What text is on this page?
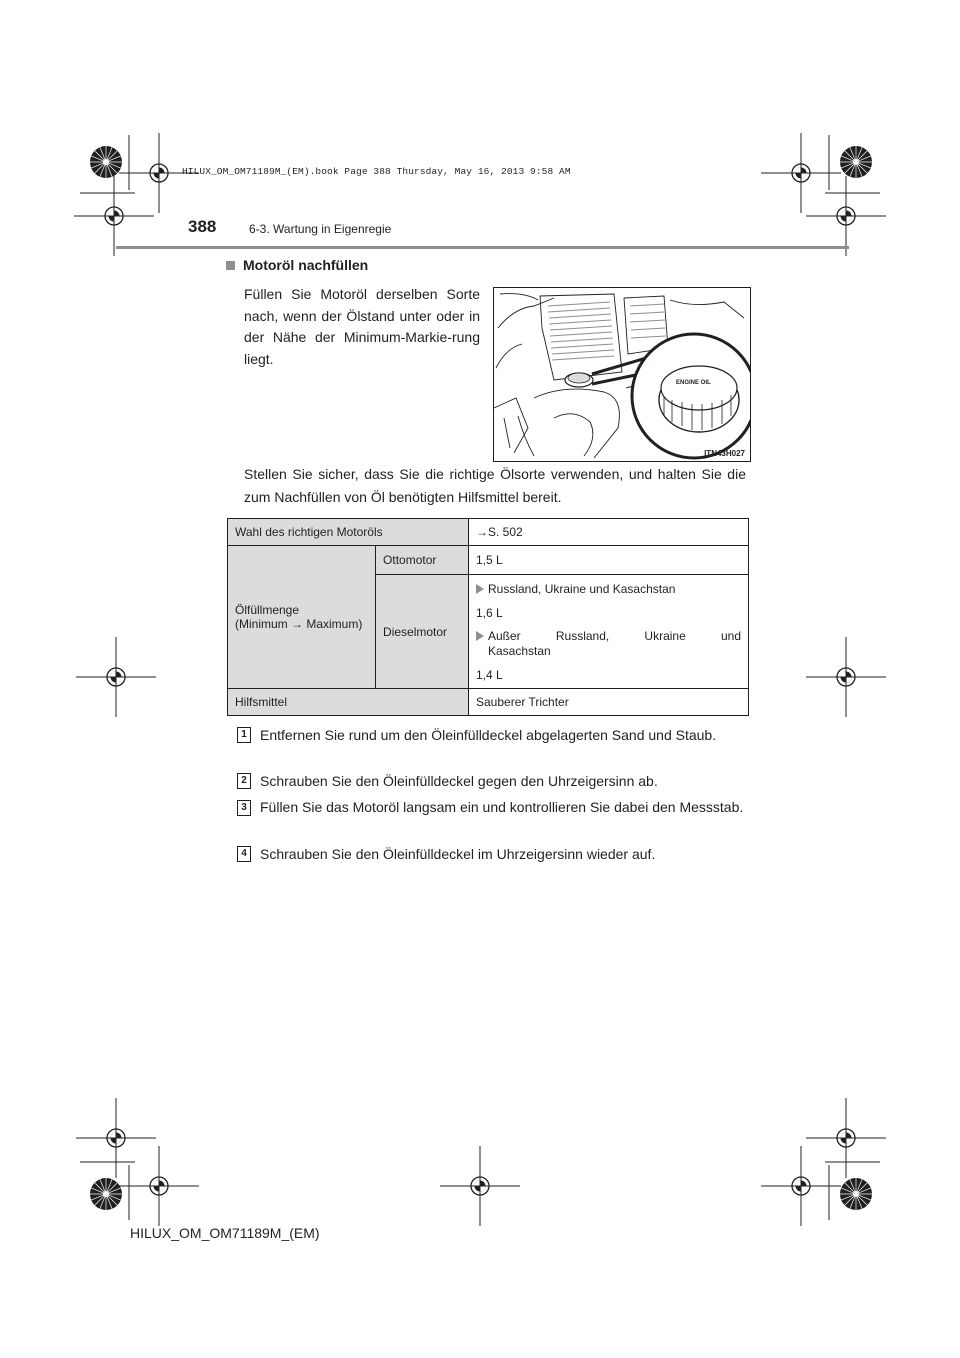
HILUX_OM_OM71189M_(EM).book Page 388 Thursday, May 16, 2013 9:58 AM
388	6-3. Wartung in Eigenregie
Motoröl nachfüllen
Füllen Sie Motoröl derselben Sorte nach, wenn der Ölstand unter oder in der Nähe der Minimum-Markie-rung liegt.
ENGINE OIL
ITN43H027
Stellen Sie sicher, dass Sie die richtige Ölsorte verwenden, und halten Sie die zum Nachfüllen von Öl benötigten Hilfsmittel bereit.
Wahl des richtigen Motoröls		→S. 502

Ölfüllmenge
(Minimum → Maximum)	Ottomotor	1,5 L
	Dieselmotor	Russland, Ukraine und Kasachstan

1,6 L

Außer Russland, Ukraine und
Kasachstan

1,4 L

Hilfsmittel		Sauberer Trichter
1 Entfernen Sie rund um den Öleinfülldeckel abgelagerten Sand und Staub.
2 Schrauben Sie den Öleinfülldeckel gegen den Uhrzeigersinn ab.
3 Füllen Sie das Motoröl langsam ein und kontrollieren Sie dabei den Messstab.
4 Schrauben Sie den Öleinfülldeckel im Uhrzeigersinn wieder auf.
HILUX_OM_OM71189M_(EM)
